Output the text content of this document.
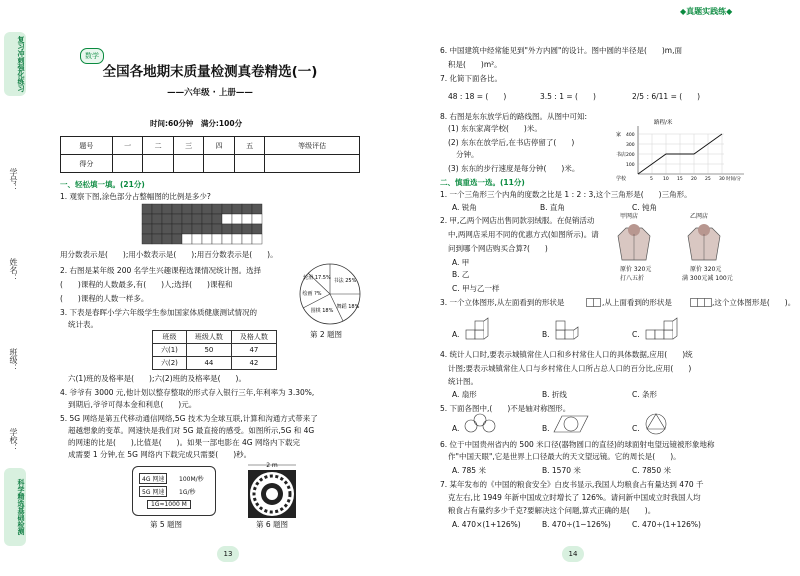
复习冲刺强化练习
学号：
姓名：
班级：
学校：
科学精选基础检测
数学
全国各地期末质量检测真卷精选(一)
——六年级 · 上册——
时间:60分钟　满分:100分
题号	一	二	三	四	五	等级评估
得分						
一、轻松填一填。(21分)
1. 观察下图,涂色部分占整幅图的比例是多少?
用分数表示是(　　);用小数表示是(　　);用百分数表示是(　　)。
2. 右图是某年级 200 名学生兴趣课程选课情况统计图。选择
(　　)课程的人数最多,有(　　)人;选择(　　)课程和
(　　)课程的人数一样多。
轮滑 17.5% 书法 25%
舞蹈 18%
围棋 18%
绘画 ?%
3. 下表是春晖小学六年级学生参加国家体质健康测试情况的
统计表。
第 2 题图
班级	班级人数	及格人数
六(1)	50	47
六(2)	44	42
六(1)班的及格率是(　　);六(2)班的及格率是(　　)。
4. 爷爷有 3000 元,他计划以整存整取的形式存入银行三年,年利率为 3.30%,
到期后,爷爷可得本金和利息(　　)元。
5. 5G 网络是第五代移动通信网络,5G 技术为全球互联,计算和沟通方式带来了
超越想象的变革。网速快是我们对 5G 最直接的感受。如图所示,5G 和 4G
的网速的比是(　　),比值是(　　)。如果一部电影在 4G 网络内下载完
成需要 1 分钟,在 5G 网络内下载完成只需要(　　)秒。
4G 网速	100M/秒
5G 网速	1G/秒
1G≈1000 M
2 m
第 5 题图	第 6 题图
13
◆真题实践练◆
6. 中国建筑中经常能见到"外方内圆"的设计。图中圆的半径是(　　)m,面
积是(　　)m²。
7. 化简下面各比。
48 : 18 = (　　)	3.5 : 1 = (　　)	2/5 : 6/11 = (　　)
8. 右图是东东放学后的路线图。从图中可知:
(1) 东东家离学校(　　)米。
(2) 东东在放学后,在书店停留了(　　)
分钟。
(3) 东东的步行速度是每分钟(　　)米。
路程/米
家
书店
学校
400
300
200
100
5 10 15 20 25 30 时间/分
二、慎重选一选。(11分)
1. 一个三角形三个内角的度数之比是 1 : 2 : 3,这个三角形是(　　)三角形。
A. 锐角	B. 直角	C. 钝角
2. 甲,乙两个网店出售同款羽绒服。在促销活动
中,两网店采用不同的优惠方式(如图所示)。请
问到哪个网店购买合算?(　　)
A. 甲
B. 乙
C. 甲与乙一样
甲网店	乙网店
原价 320元
打八五折
原价 320元
满 300元减 100元
3. 一个立体图形,从左面看到的形状是	,从上面看到的形状是	,这个立体图形是(　　)。
A.	B.	C.
4. 统计人口时,要表示城镇常住人口和乡村常住人口的具体数据,应用(　　)统
计图;要表示城镇常住人口与乡村常住人口所占总人口的百分比,应用(　　)
统计图。
A. 扇形	B. 折线	C. 条形
5. 下面各图中,(　　)不是轴对称图形。
A.	B.	C.
6. 位于中国贵州省内的 500 米口径(器物圆口的直径)的球面射电望远镜被形象地称
作"中国天眼",它是世界上口径最大的天文望远镜。它的周长是(　　)。
A. 785 米	B. 1570 米	C. 7850 米
7. 某年发布的《中国的粮食安全》白皮书显示,我国人均粮食占有量达到 470 千
克左右,比 1949 年新中国成立时增长了 126%。请问新中国成立时我国人均
粮食占有量约多少千克?要解决这个问题,算式正确的是(　　)。
A. 470×(1+126%)	B. 470÷(1−126%)	C. 470÷(1+126%)
14
